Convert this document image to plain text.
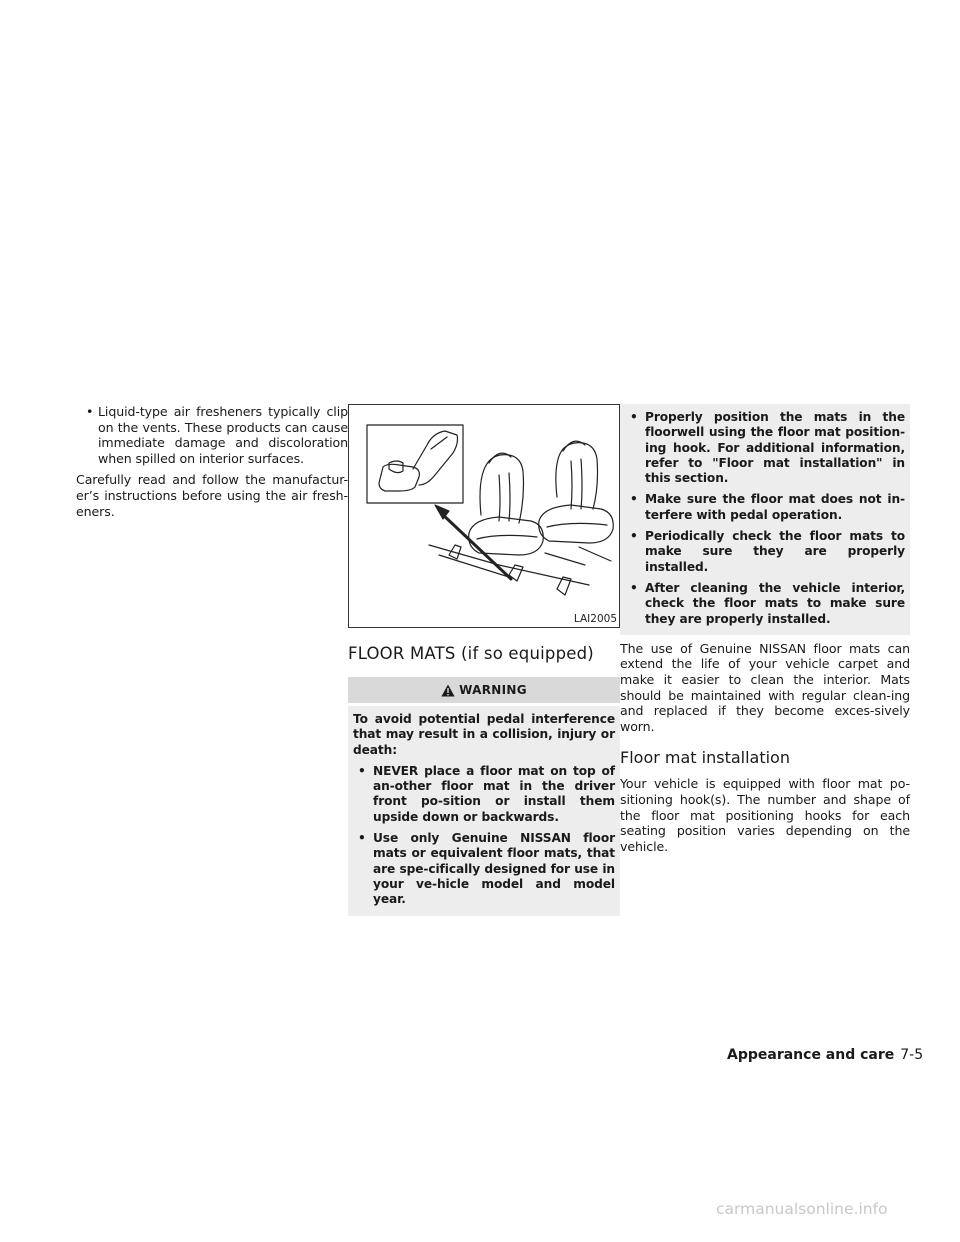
• Liquid-type air fresheners typically clip on the vents. These products can cause immediate damage and discoloration when spilled on interior surfaces.

Carefully read and follow the manufactur-er’s instructions before using the air fresh-eners.

LAI2005
FLOOR MATS (if so equipped)
WARNING

To avoid potential pedal interference that may result in a collision, injury or death:

• NEVER place a floor mat on top of an-other floor mat in the driver front po-sition or install them upside down or backwards.

• Use only Genuine NISSAN floor mats or equivalent floor mats, that are spe-cifically designed for use in your ve-hicle model and model year.

• Properly position the mats in the floorwell using the floor mat position-ing hook. For additional information, refer to "Floor mat installation" in this section.

• Make sure the floor mat does not in-terfere with pedal operation.

• Periodically check the floor mats to make sure they are properly installed.

• After cleaning the vehicle interior, check the floor mats to make sure they are properly installed.

The use of Genuine NISSAN floor mats can extend the life of your vehicle carpet and make it easier to clean the interior. Mats should be maintained with regular clean-ing and replaced if they become exces-sively worn.

Floor mat installation

Your vehicle is equipped with floor mat po-sitioning hook(s). The number and shape of the floor mat positioning hooks for each seating position varies depending on the vehicle.

Appearance and care 7-5
carmanualsonline.info
